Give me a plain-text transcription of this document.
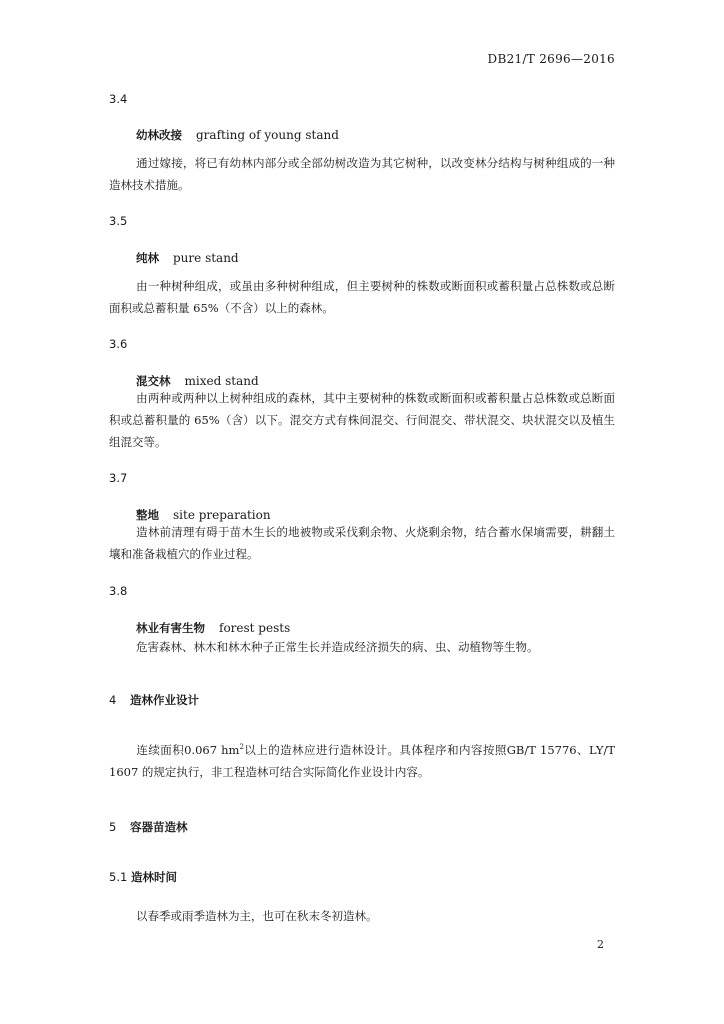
DB21/T 2696—2016
3.4
幼林改接 grafting of young stand
通过嫁接，将已有幼林内部分或全部幼树改造为其它树种，以改变林分结构与树种组成的一种造林技术措施。
3.5
纯林 pure stand
由一种树种组成，或虽由多种树种组成，但主要树种的株数或断面积或蓄积量占总株数或总断面积或总蓄积量 65%（不含）以上的森林。
3.6
混交林 mixed stand
由两种或两种以上树种组成的森林，其中主要树种的株数或断面积或蓄积量占总株数或总断面积或总蓄积量的 65%（含）以下。混交方式有株间混交、行间混交、带状混交、块状混交以及植生组混交等。
3.7
整地 site preparation
造林前清理有碍于苗木生长的地被物或采伐剩余物、火烧剩余物，结合蓄水保墒需要，耕翻土壤和准备栽植穴的作业过程。
3.8
林业有害生物 forest pests
危害森林、林木和林木种子正常生长并造成经济损失的病、虫、动植物等生物。
4 造林作业设计
连续面积0.067 $hm^2$以上的造林应进行造林设计。具体程序和内容按照GB/T 15776、LY/T 1607 的规定执行，非工程造林可结合实际简化作业设计内容。
5 容器苗造林
5.1 造林时间
以春季或雨季造林为主，也可在秋末冬初造林。
2
